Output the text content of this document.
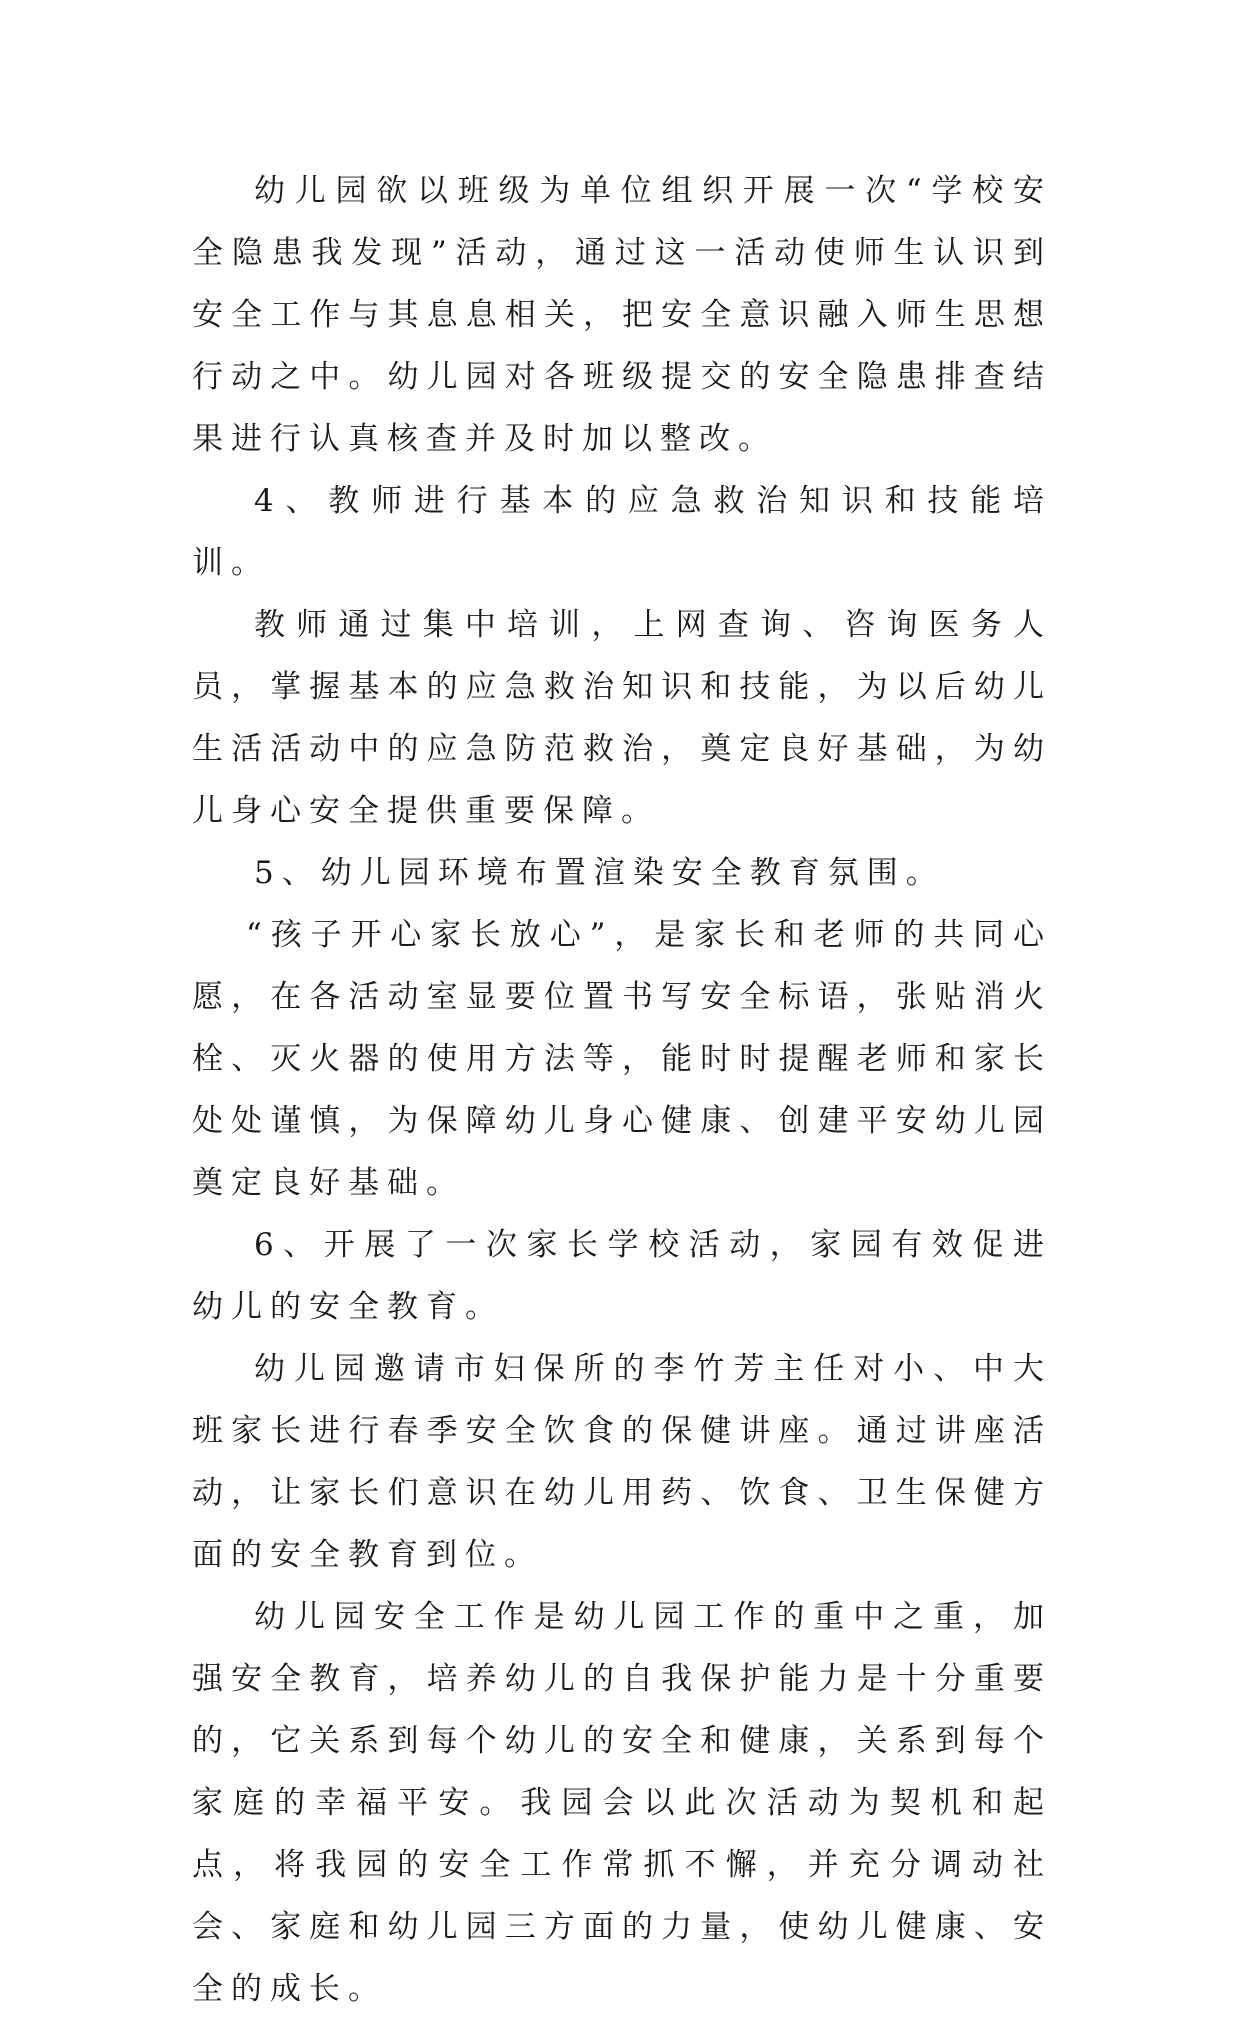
幼儿园欲以班级为单位组织开展一次“学校安全隐患我发现”活动，通过这一活动使师生认识到安全工作与其息息相关，把安全意识融入师生思想行动之中。幼儿园对各班级提交的安全隐患排查结果进行认真核查并及时加以整改。

4、教师进行基本的应急救治知识和技能培训。

教师通过集中培训，上网查询、咨询医务人员，掌握基本的应急救治知识和技能，为以后幼儿生活活动中的应急防范救治，奠定良好基础，为幼儿身心安全提供重要保障。

5、幼儿园环境布置渲染安全教育氛围。

“孩子开心家长放心”，是家长和老师的共同心愿，在各活动室显要位置书写安全标语，张贴消火栓、灭火器的使用方法等，能时时提醒老师和家长处处谨慎，为保障幼儿身心健康、创建平安幼儿园奠定良好基础。

6、开展了一次家长学校活动，家园有效促进幼儿的安全教育。

幼儿园邀请市妇保所的李竹芳主任对小、中大班家长进行春季安全饮食的保健讲座。通过讲座活动，让家长们意识在幼儿用药、饮食、卫生保健方面的安全教育到位。

幼儿园安全工作是幼儿园工作的重中之重，加强安全教育，培养幼儿的自我保护能力是十分重要的，它关系到每个幼儿的安全和健康，关系到每个家庭的幸福平安。我园会以此次活动为契机和起点，将我园的安全工作常抓不懈，并充分调动社会、家庭和幼儿园三方面的力量，使幼儿健康、安全的成长。
